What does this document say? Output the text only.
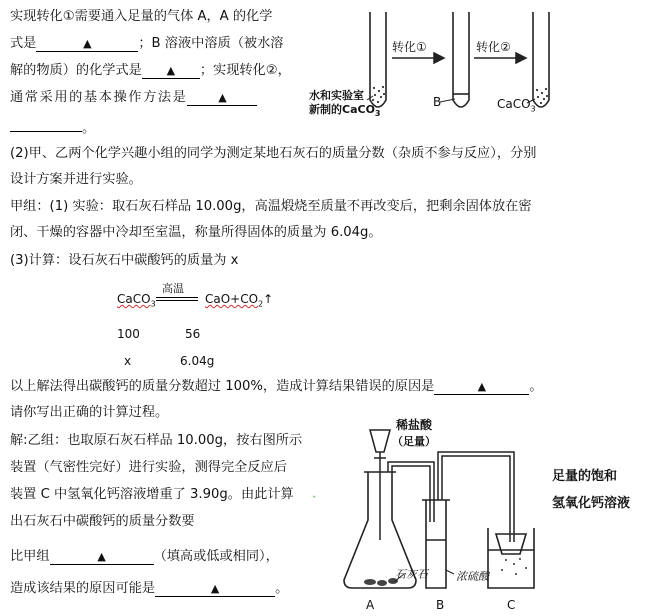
实现转化①需要通入足量的气体 A，A 的化学
式是	▲	；B 溶液中溶质（被水溶
解的物质）的化学式是 ▲ ；实现转化②，
通常采用的基本操作方法是	▲
。
转化①	转化②
水和实验室
新制的CaCO$_3$
B	CaCO$_3$
(2)甲、乙两个化学兴趣小组的同学为测定某地石灰石的质量分数（杂质不参与反应），分别
设计方案并进行实验。
甲组：(1) 实验：取石灰石样品 10.00g，高温煅烧至质量不再改变后，把剩余固体放在密
闭、干燥的容器中冷却至室温，称量所得固体的质量为 6.04g。
(3)计算：设石灰石中碳酸钙的质量为 x
CaCO$_3$
高温
$CaO+CO_2↑$
100	56
x	6.04g
以上解法得出碳酸钙的质量分数超过 100%，造成计算结果错误的原因是	▲	。
请你写出正确的计算过程。
解:乙组：也取原石灰石样品 10.00g，按右图所示
装置（气密性完好）进行实验，测得完全反应后
装置 C 中氢氧化钙溶液增重了 3.90g。由此计算
出石灰石中碳酸钙的质量分数要
比甲组	▲	（填高或低或相同），
造成该结果的原因可能是	▲	。
稀盐酸
（足量）
石灰石	浓硫酸
A	B	C
足量的饱和
氢氧化钙溶液
ˇ
